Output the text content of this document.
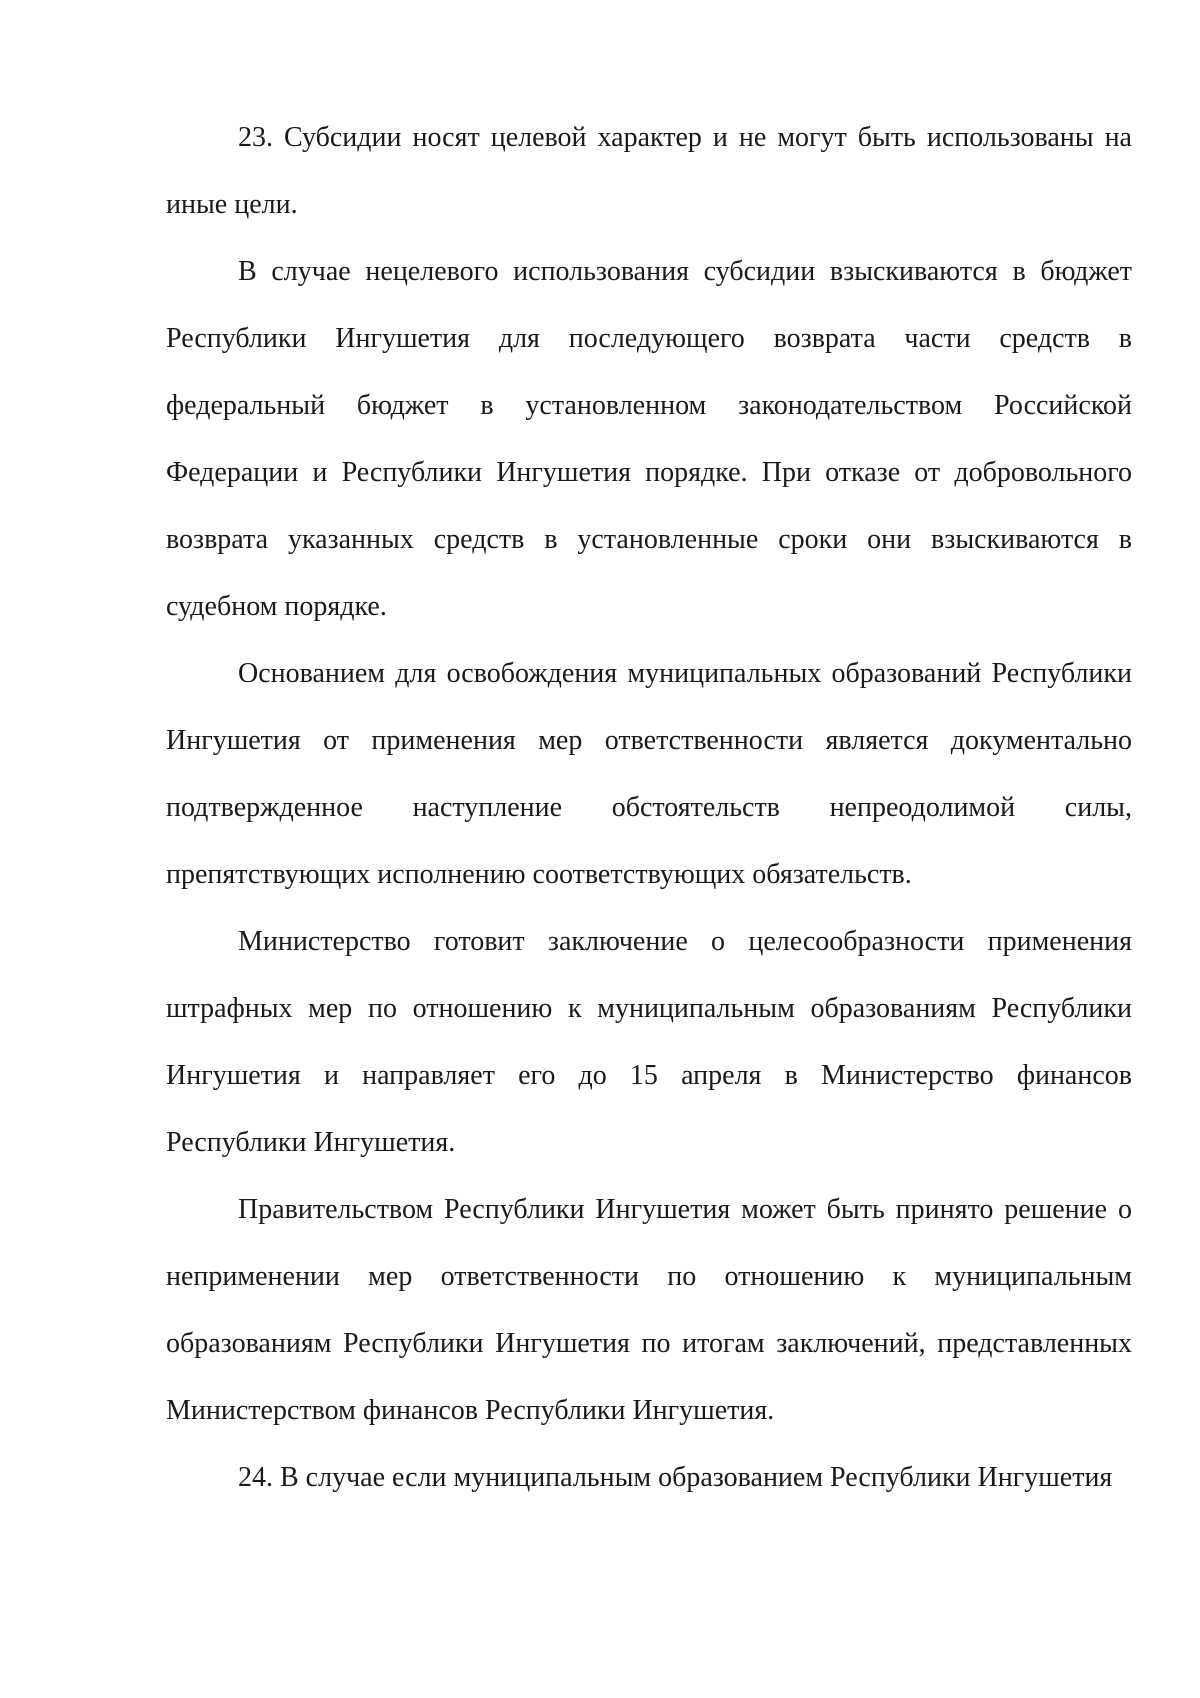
23. Субсидии носят целевой характер и не могут быть использованы на иные цели.

В случае нецелевого использования субсидии взыскиваются в бюджет Республики Ингушетия для последующего возврата части средств в федеральный бюджет в установленном законодательством Российской Федерации и Республики Ингушетия порядке. При отказе от добровольного возврата указанных средств в установленные сроки они взыскиваются в судебном порядке.

Основанием для освобождения муниципальных образований Республики Ингушетия от применения мер ответственности является документально подтвержденное наступление обстоятельств непреодолимой силы, препятствующих исполнению соответствующих обязательств.

Министерство готовит заключение о целесообразности применения штрафных мер по отношению к муниципальным образованиям Республики Ингушетия и направляет его до 15 апреля в Министерство финансов Республики Ингушетия.

Правительством Республики Ингушетия может быть принято решение о неприменении мер ответственности по отношению к муниципальным образованиям Республики Ингушетия по итогам заключений, представленных Министерством финансов Республики Ингушетия.

24. В случае если муниципальным образованием Республики Ингушетия
